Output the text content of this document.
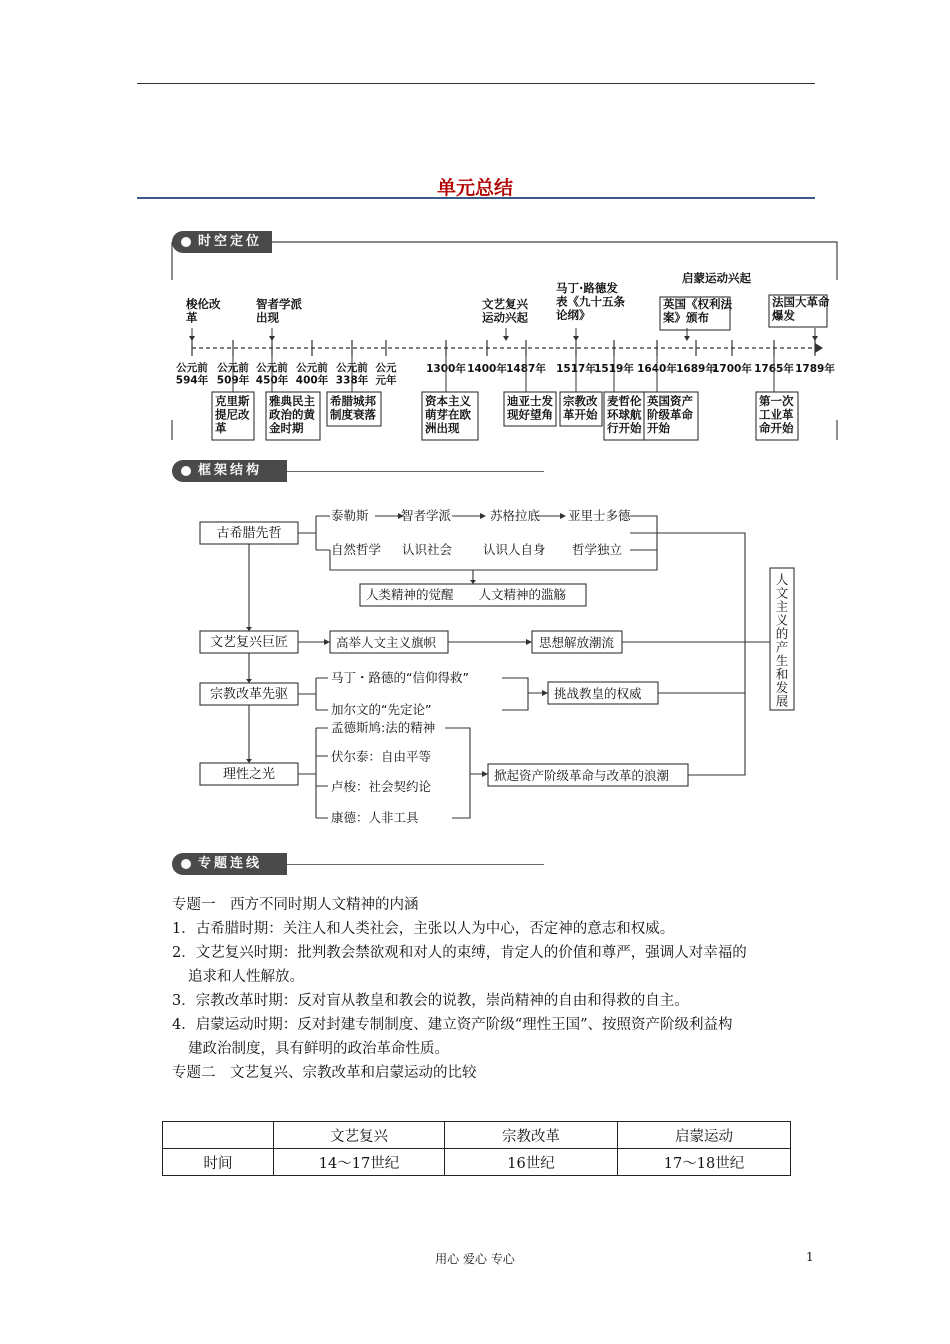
单元总结
时空定位
公元前
594年
公元前
509年
公元前
450年
公元前
400年
公元前
338年
公元
元年
1300年 1400年 1487年 1517年
1519年 1640年 1689年
1700年 1765年 1789年
梭伦改
革
智者学派
出现
文艺复兴
运动兴起
马丁·路德发
表《九十五条
论纲》
启蒙运动兴起
英国《权利法
案》颁布
法国大革命
爆发
克里斯
提尼改
革
雅典民主
政治的黄
金时期
希腊城邦
制度衰落
资本主义
萌芽在欧
洲出现
迪亚士发
现好望角
宗教改
革开始
麦哲伦
环球航
行开始
英国资产
阶级革命
开始
第一次
工业革
命开始
框架结构
古希腊先哲
文艺复兴巨匠
宗教改革先驱
理性之光
泰勒斯	智者学派	苏格拉底 亚里士多德
自然哲学 认识社会 认识人自身 哲学独立
人类精神的觉醒　　人文精神的滥觞
高举人文主义旗帜	思想解放潮流
马丁・路德的“信仰得救”
加尔文的“先定论”
挑战教皇的权威
孟德斯鸠:法的精神
伏尔泰：自由平等
卢梭：社会契约论
康德：人非工具
掀起资产阶级革命与改革的浪潮
人
文
主
义
的
产
生
和
发
展
专题连线
专题一　西方不同时期人文精神的内涵
1．古希腊时期：关注人和人类社会，主张以人为中心，否定神的意志和权威。
2．文艺复兴时期：批判教会禁欲观和对人的束缚，肯定人的价值和尊严，强调人对幸福的
追求和人性解放。
3．宗教改革时期：反对盲从教皇和教会的说教，崇尚精神的自由和得救的自主。
4．启蒙运动时期：反对封建专制制度、建立资产阶级“理性王国”、按照资产阶级利益构
建政治制度，具有鲜明的政治革命性质。
专题二　文艺复兴、宗教改革和启蒙运动的比较
	文艺复兴	宗教改革	启蒙运动
时间	14～17世纪	16世纪	17～18世纪
用心 爱心 专心	1
